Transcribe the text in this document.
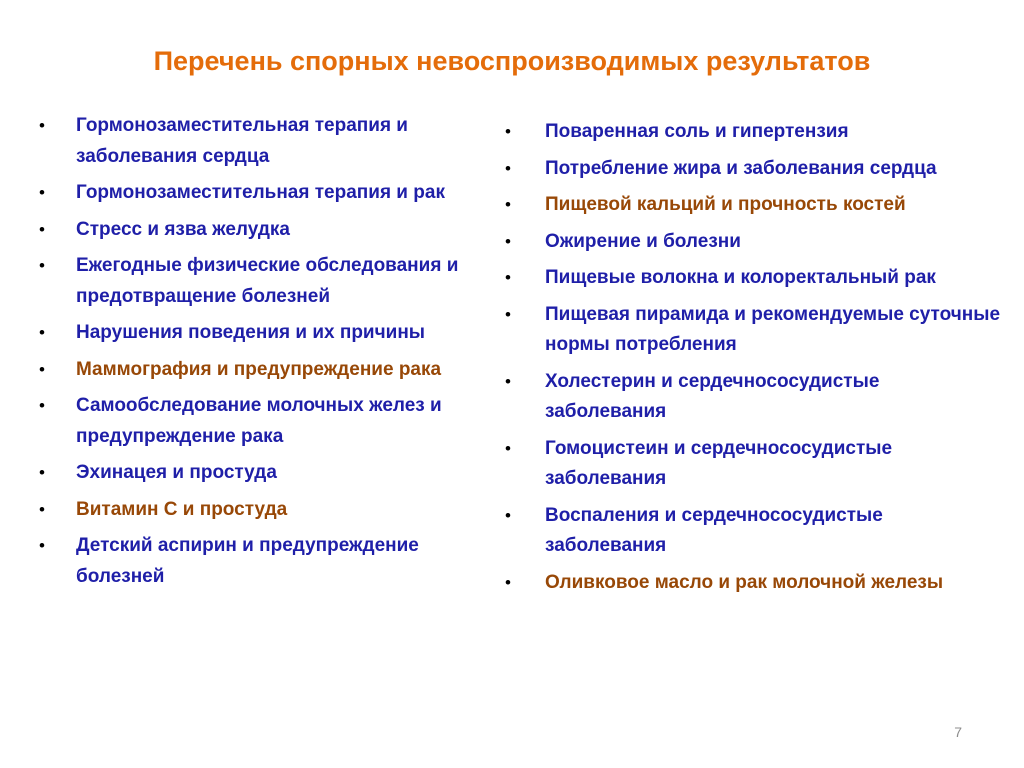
Перечень спорных невоспроизводимых результатов
• Гормонозаместительная терапия и заболевания сердца
• Гормонозаместительная терапия и рак
• Стресс и язва желудка
• Ежегодные физические обследования и предотвращение болезней
• Нарушения поведения и их причины
• Маммография и предупреждение рака
• Самообследование молочных желез и предупреждение рака
• Эхинацея и простуда
• Витамин С и простуда
• Детский аспирин и предупреждение болезней
• Поваренная соль и гипертензия
• Потребление жира и заболевания сердца
• Пищевой кальций и прочность костей
• Ожирение и болезни
• Пищевые волокна и колоректальный рак
• Пищевая пирамида и рекомендуемые суточные нормы потребления
• Холестерин и сердечнососудистые заболевания
• Гомоцистеин и сердечнососудистые заболевания
• Воспаления и сердечнососудистые заболевания
• Оливковое масло и рак молочной железы
7
